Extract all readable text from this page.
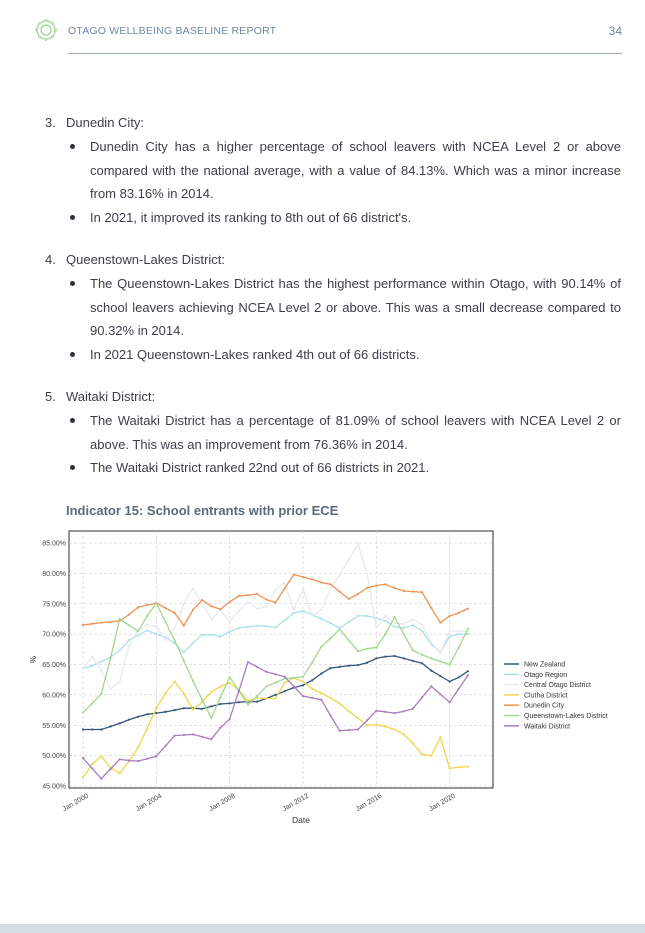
OTAGO WELLBEING BASELINE REPORT	34
3. Dunedin City:
Dunedin City has a higher percentage of school leavers with NCEA Level 2 or above compared with the national average, with a value of 84.13%. Which was a minor increase from 83.16% in 2014.
In 2021, it improved its ranking to 8th out of 66 district's.
4. Queenstown-Lakes District:
The Queenstown-Lakes District has the highest performance within Otago, with 90.14% of school leavers achieving NCEA Level 2 or above. This was a small decrease compared to 90.32% in 2014.
In 2021 Queenstown-Lakes ranked 4th out of 66 districts.
5. Waitaki District:
The Waitaki District has a percentage of 81.09% of school leavers with NCEA Level 2 or above. This was an improvement from 76.36% in 2014.
The Waitaki District ranked 22nd out of 66 districts in 2021.
Indicator 15: School entrants with prior ECE
45.00%
50.00%
55.00%
60.00%
65.00%
70.00%
75.00%
80.00%
85.00%
Jan 2000	Jan 2004	Jan 2008	Jan 2012	Jan 2016	Jan 2020
%
Date
New Zealand
Otago Region
Central Otago District
Clutha District
Dunedin City
Queenstown-Lakes District
Waitaki District
